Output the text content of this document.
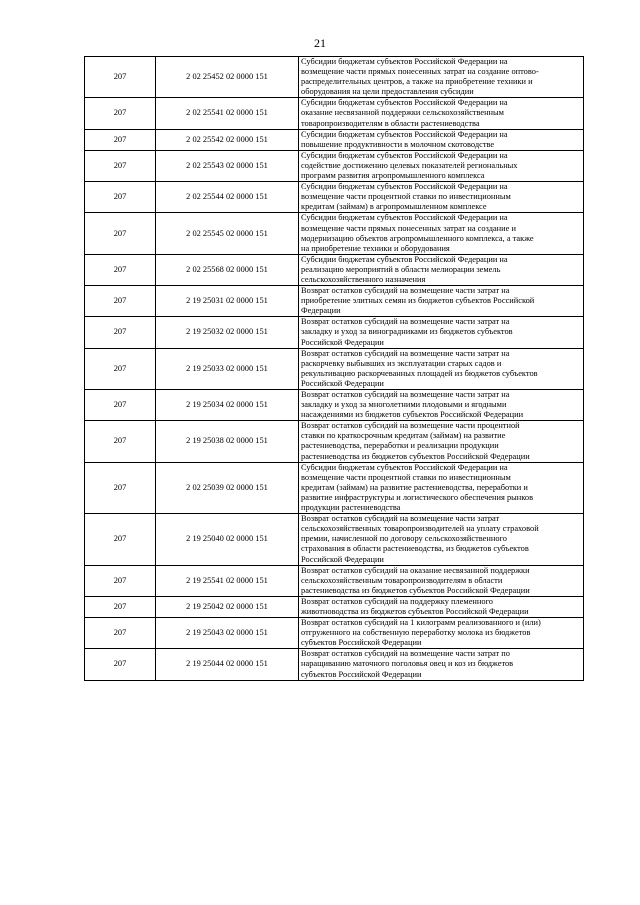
21
207	2 02 25452 02 0000 151	Субсидии бюджетам субъектов Российской Федерации на
возмещение части прямых понесенных затрат на создание оптово-
распределительных центров, а также на приобретение техники и
оборудования на цели предоставления субсидии

207	2 02 25541 02 0000 151	Субсидии бюджетам субъектов Российской Федерации на
оказание несвязанной поддержки сельскохозяйственным
товаропроизводителям в области растениеводства

207	2 02 25542 02 0000 151	Субсидии бюджетам субъектов Российской Федерации на
повышение продуктивности в молочном скотоводстве

207	2 02 25543 02 0000 151	Субсидии бюджетам субъектов Российской Федерации на
содействие достижению целевых показателей региональных
программ развития агропромышленного комплекса

207	2 02 25544 02 0000 151	Субсидии бюджетам субъектов Российской Федерации на
возмещение части процентной ставки по инвестиционным
кредитам (займам) в агропромышленном комплексе

207	2 02 25545 02 0000 151	Субсидии бюджетам субъектов Российской Федерации на
возмещение части прямых понесенных затрат на создание и
модернизацию объектов агропромышленного комплекса, а также
на приобретение техники и оборудования

207	2 02 25568 02 0000 151	Субсидии бюджетам субъектов Российской Федерации на
реализацию мероприятий в области мелиорации земель
сельскохозяйственного назначения

207	2 19 25031 02 0000 151	Возврат остатков субсидий на возмещение части затрат на
приобретение элитных семян из бюджетов субъектов Российской
Федерации

207	2 19 25032 02 0000 151	Возврат остатков субсидий на возмещение части затрат на
закладку и уход за виноградниками из бюджетов субъектов
Российской Федерации

207	2 19 25033 02 0000 151	Возврат остатков субсидий на возмещение части затрат на
раскорчевку выбывших из эксплуатации старых садов и
рекультивацию раскорчеванных площадей из бюджетов субъектов
Российской Федерации

207	2 19 25034 02 0000 151	Возврат остатков субсидий на возмещение части затрат на
закладку и уход за многолетними плодовыми и ягодными
насаждениями из бюджетов субъектов Российской Федерации

207	2 19 25038 02 0000 151	Возврат остатков субсидий на возмещение части процентной
ставки по краткосрочным кредитам (займам) на развитие
растениеводства, переработки и реализации продукции
растениеводства из бюджетов субъектов Российской Федерации

207	2 02 25039 02 0000 151	Субсидии бюджетам субъектов Российской Федерации на
возмещение части процентной ставки по инвестиционным
кредитам (займам) на развитие растениеводства, переработки и
развитие инфраструктуры и логистического обеспечения рынков
продукции растениеводства

207	2 19 25040 02 0000 151	Возврат остатков субсидий на возмещение части затрат
сельскохозяйственных товаропроизводителей на уплату страховой
премии, начисленной по договору сельскохозяйственного
страхования в области растениеводства, из бюджетов субъектов
Российской Федерации

207	2 19 25541 02 0000 151	Возврат остатков субсидий на оказание несвязанной поддержки
сельскохозяйственным товаропроизводителям в области
растениеводства из бюджетов субъектов Российской Федерации

207	2 19 25042 02 0000 151	Возврат остатков субсидий на поддержку племенного
животноводства из бюджетов субъектов Российской Федерации

207	2 19 25043 02 0000 151	Возврат остатков субсидий на 1 килограмм реализованного и (или)
отгруженного на собственную переработку молока из бюджетов
субъектов Российской Федерации

207	2 19 25044 02 0000 151	Возврат остатков субсидий на возмещение части затрат по
наращиванию маточного поголовья овец и коз из бюджетов
субъектов Российской Федерации
